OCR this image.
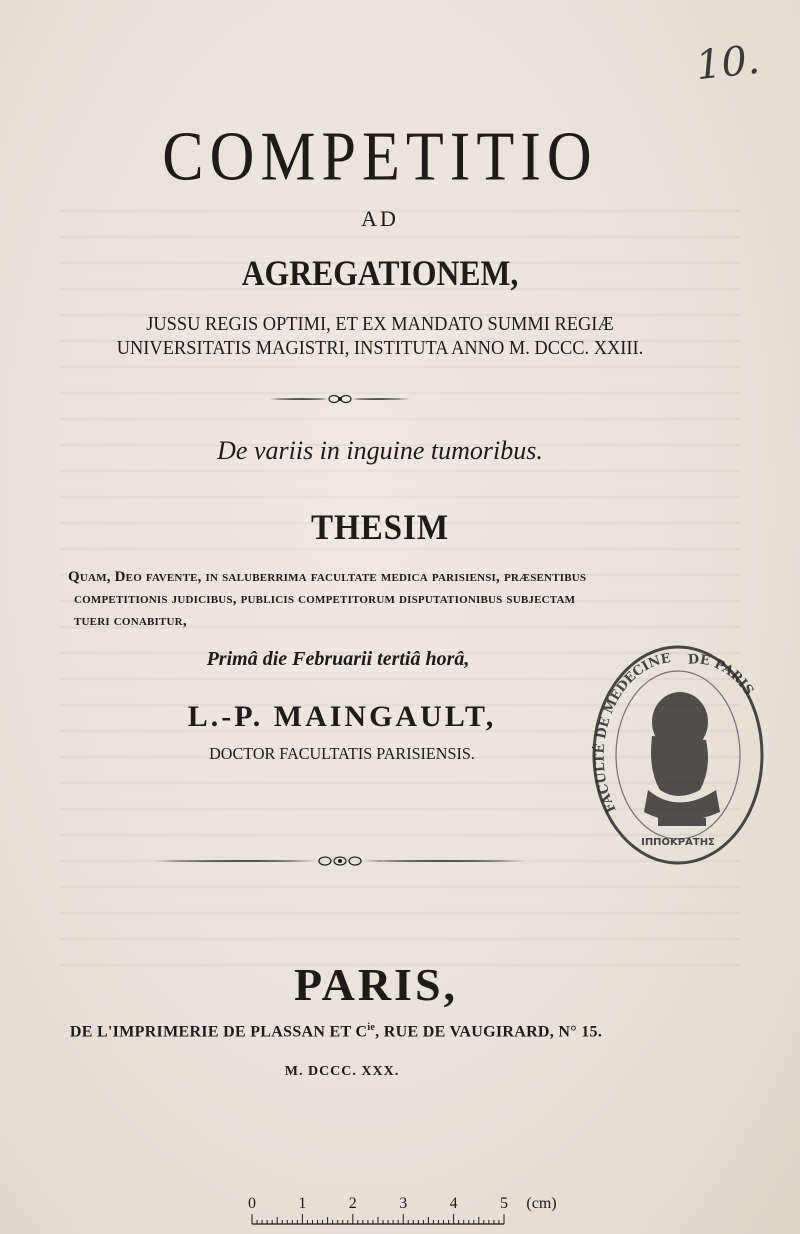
10.
COMPETITIO
AD
AGREGATIONEM,
JUSSU REGIS OPTIMI, ET EX MANDATO SUMMI REGIÆ
UNIVERSITATIS MAGISTRI, INSTITUTA ANNO M. DCCC. XXIII.
De variis in inguine tumoribus.
THESIM
Quam, Deo favente, in saluberrima facultate medica parisiensi, præsentibus
competitionis judicibus, publicis competitorum disputationibus subjectam
tueri conabitur,
Primâ die Februarii tertiâ horâ,
L.-P. MAINGAULT,
DOCTOR FACULTATIS PARISIENSIS.
PARIS,
DE L'IMPRIMERIE DE PLASSAN ET $C^{ie}$, RUE DE VAUGIRARD, N° 15.
M. DCCC. XXX.
FACULTÉ DE MÉDECINE DE PARIS
ΙΠΠΟΚΡΑΤΗΣ
0	1	2	3	4	5 (cm)
